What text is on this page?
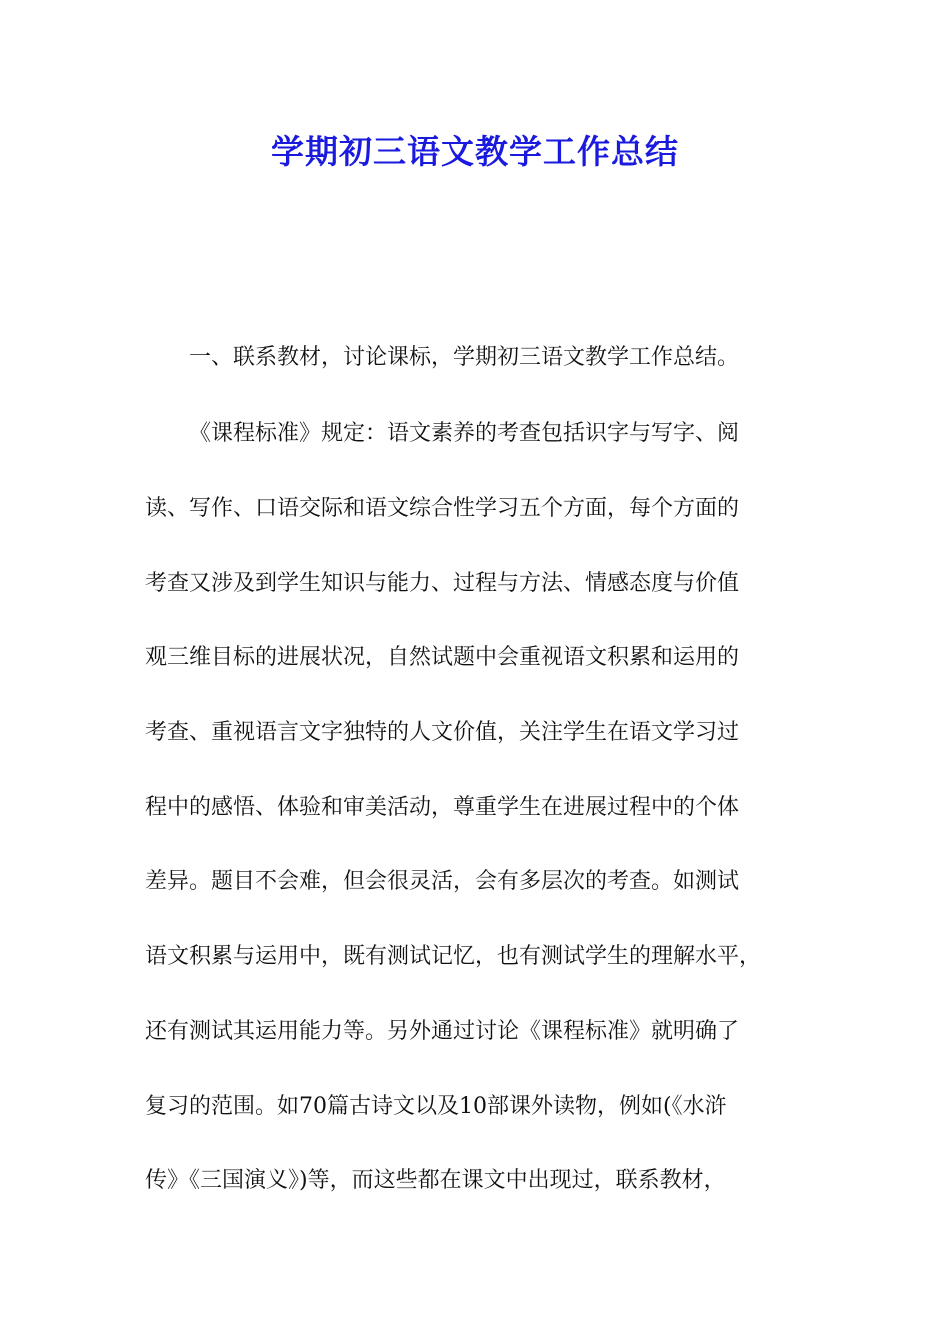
学期初三语文教学工作总结
一、联系教材，讨论课标，学期初三语文教学工作总结。
《课程标准》规定：语文素养的考查包括识字与写字、阅
读、写作、口语交际和语文综合性学习五个方面，每个方面的
考查又涉及到学生知识与能力、过程与方法、情感态度与价值
观三维目标的进展状况，自然试题中会重视语文积累和运用的
考查、重视语言文字独特的人文价值，关注学生在语文学习过
程中的感悟、体验和审美活动，尊重学生在进展过程中的个体
差异。题目不会难，但会很灵活，会有多层次的考查。如测试
语文积累与运用中，既有测试记忆，也有测试学生的理解水平，
还有测试其运用能力等。另外通过讨论《课程标准》就明确了
复习的范围。如70篇古诗文以及10部课外读物，例如(《水浒
传》《三国演义》)等，而这些都在课文中出现过，联系教材，
